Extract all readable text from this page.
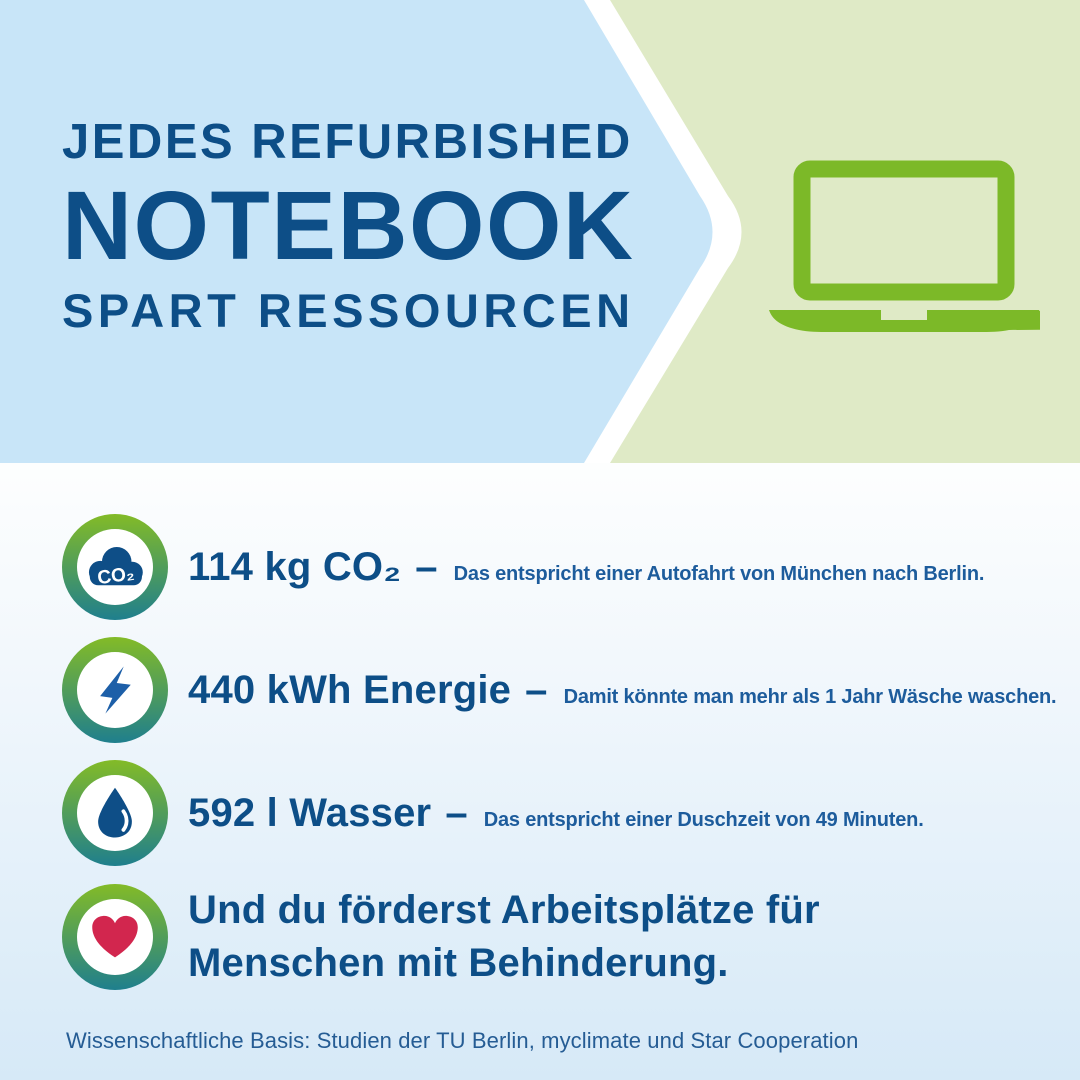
JEDES REFURBISHED
NOTEBOOK
SPART RESSOURCEN
CO₂ 114 kg CO₂ – Das entspricht einer Autofahrt von München nach Berlin.
440 kWh Energie – Damit könnte man mehr als 1 Jahr Wäsche waschen.
592 l Wasser – Das entspricht einer Duschzeit von 49 Minuten.
Und du förderst Arbeitsplätze für
Menschen mit Behinderung.
Wissenschaftliche Basis: Studien der TU Berlin, myclimate und Star Cooperation
